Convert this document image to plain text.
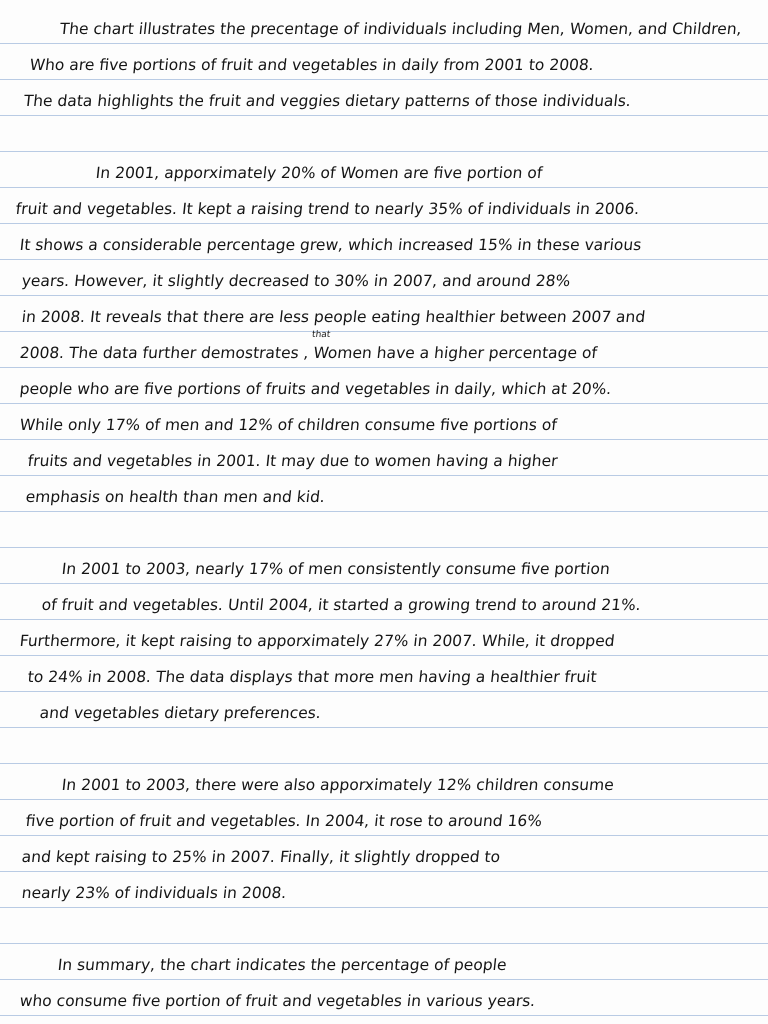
The chart illustrates the precentage of individuals including Men, Women, and Children,
Who are five portions of fruit and vegetables in daily from 2001 to 2008.
The data highlights the fruit and veggies dietary patterns of those individuals.
In 2001, apporximately 20% of Women are five portion of
fruit and vegetables. It kept a raising trend to nearly 35% of individuals in 2006.
It shows a considerable percentage grew, which increased 15% in these various
years. However, it slightly decreased to 30% in 2007, and around 28%
in 2008. It reveals that there are less people eating healthier between 2007 and
that
2008. The data further demostrates , Women have a higher percentage of
people who are five portions of fruits and vegetables in daily, which at 20%.
While only 17% of men and 12% of children consume five portions of
fruits and vegetables in 2001. It may due to women having a higher
emphasis on health than men and kid.
In 2001 to 2003, nearly 17% of men consistently consume five portion
of fruit and vegetables. Until 2004, it started a growing trend to around 21%.
Furthermore, it kept raising to apporximately 27% in 2007. While, it dropped
to 24% in 2008. The data displays that more men having a healthier fruit
and vegetables dietary preferences.
In 2001 to 2003, there were also apporximately 12% children consume
five portion of fruit and vegetables. In 2004, it rose to around 16%
and kept raising to 25% in 2007. Finally, it slightly dropped to
nearly 23% of individuals in 2008.
In summary, the chart indicates the percentage of people
who consume five portion of fruit and vegetables in various years.
